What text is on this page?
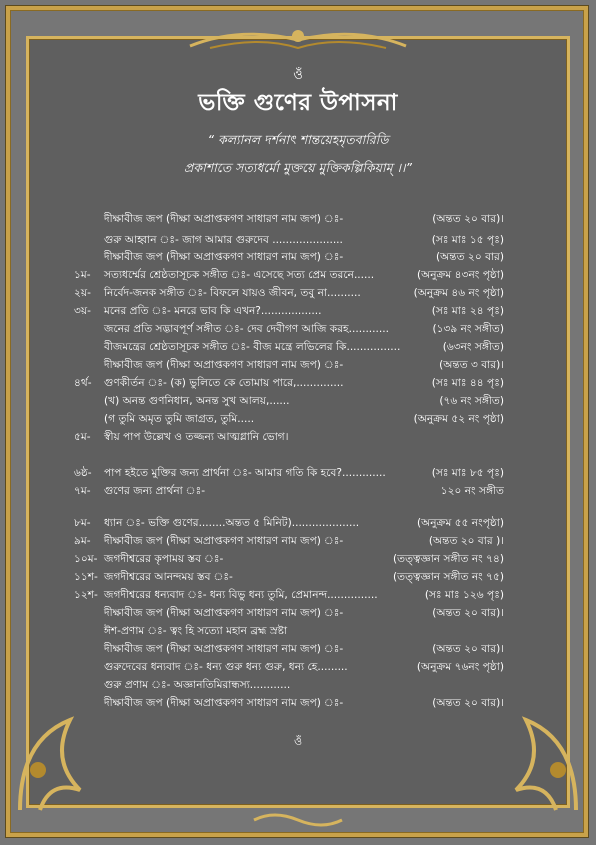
ওঁ
ভক্তি গুণের উপাসনা
“ কল্যানল দর্শনাৎ শান্তয়েহমৃতবারিডি
প্রকাশাতে সত্যধর্মো মুক্তয়ে মুক্তিকল্পিকিয়াম্ ।।”
দীক্ষাবীজ জপ (দীক্ষা অপ্রাপ্তকগণ সাধারণ নাম জপ) ঃ-	(অন্তত ২০ বার)।
গুরু আহ্বান ঃ- জাগ আমার গুরুদেব .....................	(সঃ মাঃ ১৫ পৃঃ)
দীক্ষাবীজ জপ (দীক্ষা অপ্রাপ্তকগণ সাধারণ নাম জপ) ঃ-	(অন্তত ২০ বার)
১ম- সত্যধর্ম্মের শ্রেষ্ঠতাসূচক সঙ্গীত ঃ- এসেছে সত্য প্রেম তরনে......	(অনুক্রম ৪৩নং পৃষ্ঠা)
২য়- নির্বেদ-জনক সঙ্গীত ঃ- বিফলে যায়ও জীবন, তবু না..........	(অনুক্রম ৪৬ নং পৃষ্ঠা)
৩য়- মনের প্রতি ঃ- মনরে ভাব কি এখন?..................	(সঃ মাঃ ২৪ পৃঃ)
জনের প্রতি সদ্ভাবপূর্ণ সঙ্গীত ঃ- দেব দেবীগণ আজি করহ............	(১৩৯ নং সঙ্গীত)
বীজমন্ত্রের শ্রেষ্ঠতাসূচক সঙ্গীত ঃ- বীজ মন্ত্রে লভিলের কি................	(৬৩নং সঙ্গীত)
দীক্ষাবীজ জপ (দীক্ষা অপ্রাপ্তকগণ সাধারণ নাম জপ) ঃ-	(অন্তত ৩ বার)।
৪র্থ- গুণকীর্তন ঃ- (ক) ভুলিতে কে তোমায় পারে,..............	(সঃ মাঃ ৪৪ পৃঃ)
(খ) অনন্ত গুণনিধান, অনন্ত সুখ আলয়,......	(৭৬ নং সঙ্গীত)
(গ তুমি অমৃত তুমি জাগ্রত, তুমি.....	(অনুক্রম ৫২ নং পৃষ্ঠা)
৫ম- স্বীয় পাপ উল্লেখ ও তজ্জন্য আত্মগ্লানি ভোগ।
৬ষ্ঠ- পাপ হইতে মুক্তির জন্য প্রার্থনা ঃ- আমার গতি কি হবে?.............	(সঃ মাঃ ৮৫ পৃঃ)
৭ম- গুণের জন্য প্রার্থনা ঃ-	১২০ নং সঙ্গীত
৮ম- ধ্যান ঃ- ভক্তি গুণের........অন্তত ৫ মিনিট)....................	(অনুক্রম ৫৫ নংপৃষ্ঠা)
৯ম- দীক্ষাবীজ জপ (দীক্ষা অপ্রাপ্তকগণ সাধারণ নাম জপ) ঃ-	(অন্তত ২০ বার )।
১০ম- জগদীশ্বরের কৃপাময় স্তব ঃ-	(তত্ত্বজ্ঞান সঙ্গীত নং ৭৪)
১১শ- জগদীশ্বরের আনন্দময় স্তব ঃ-	(তত্ত্বজ্ঞান সঙ্গীত নং ৭৫)
১২শ- জগদীশ্বরের ধন্যবাদ ঃ- ধন্য বিভু ধন্য তুমি, প্রেমানন্দ...............	(সঃ মাঃ ১২৬ পৃঃ)
দীক্ষাবীজ জপ (দীক্ষা অপ্রাপ্তকগণ সাধারণ নাম জপ) ঃ-	(অন্তত ২০ বার)।
ঈশ-প্রণাম ঃ- ত্বং হি সত্যো মহান ব্রহ্ম স্রষ্টা
দীক্ষাবীজ জপ (দীক্ষা অপ্রাপ্তকগণ সাধারণ নাম জপ) ঃ-	(অন্তত ২০ বার)।
গুরুদেবের ধন্যবাদ ঃ- ধন্য গুরু ধন্য গুরু, ধন্য হে.........	(অনুক্রম ৭৬নং পৃষ্ঠা)
গুরু প্রণাম ঃ- অজ্ঞানতিমিরান্ধস্য............
দীক্ষাবীজ জপ (দীক্ষা অপ্রাপ্তকগণ সাধারণ নাম জপ) ঃ-	(অন্তত ২০ বার)।
ওঁ
